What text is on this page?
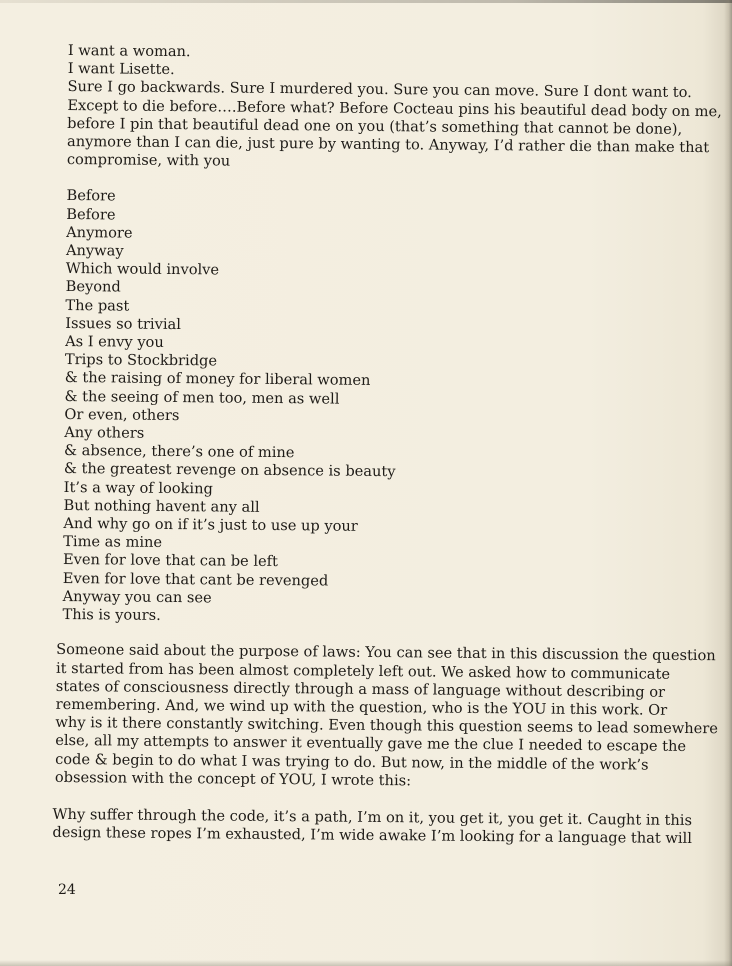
I want a woman.
I want Lisette.
Sure I go backwards. Sure I murdered you. Sure you can move. Sure I dont want to.
Except to die before….Before what? Before Cocteau pins his beautiful dead body on me,
before I pin that beautiful dead one on you (that’s something that cannot be done),
anymore than I can die, just pure by wanting to. Anyway, I’d rather die than make that
compromise, with you
Before
Before
Anymore
Anyway
Which would involve
Beyond
The past
Issues so trivial
As I envy you
Trips to Stockbridge
& the raising of money for liberal women
& the seeing of men too, men as well
Or even, others
Any others
& absence, there’s one of mine
& the greatest revenge on absence is beauty
It’s a way of looking
But nothing havent any all
And why go on if it’s just to use up your
Time as mine
Even for love that can be left
Even for love that cant be revenged
Anyway you can see
This is yours.
Someone said about the purpose of laws: You can see that in this discussion the question
it started from has been almost completely left out. We asked how to communicate
states of consciousness directly through a mass of language without describing or
remembering. And, we wind up with the question, who is the YOU in this work. Or
why is it there constantly switching. Even though this question seems to lead somewhere
else, all my attempts to answer it eventually gave me the clue I needed to escape the
code & begin to do what I was trying to do. But now, in the middle of the work’s
obsession with the concept of YOU, I wrote this:
Why suffer through the code, it’s a path, I’m on it, you get it, you get it. Caught in this
design these ropes I’m exhausted, I’m wide awake I’m looking for a language that will
24
